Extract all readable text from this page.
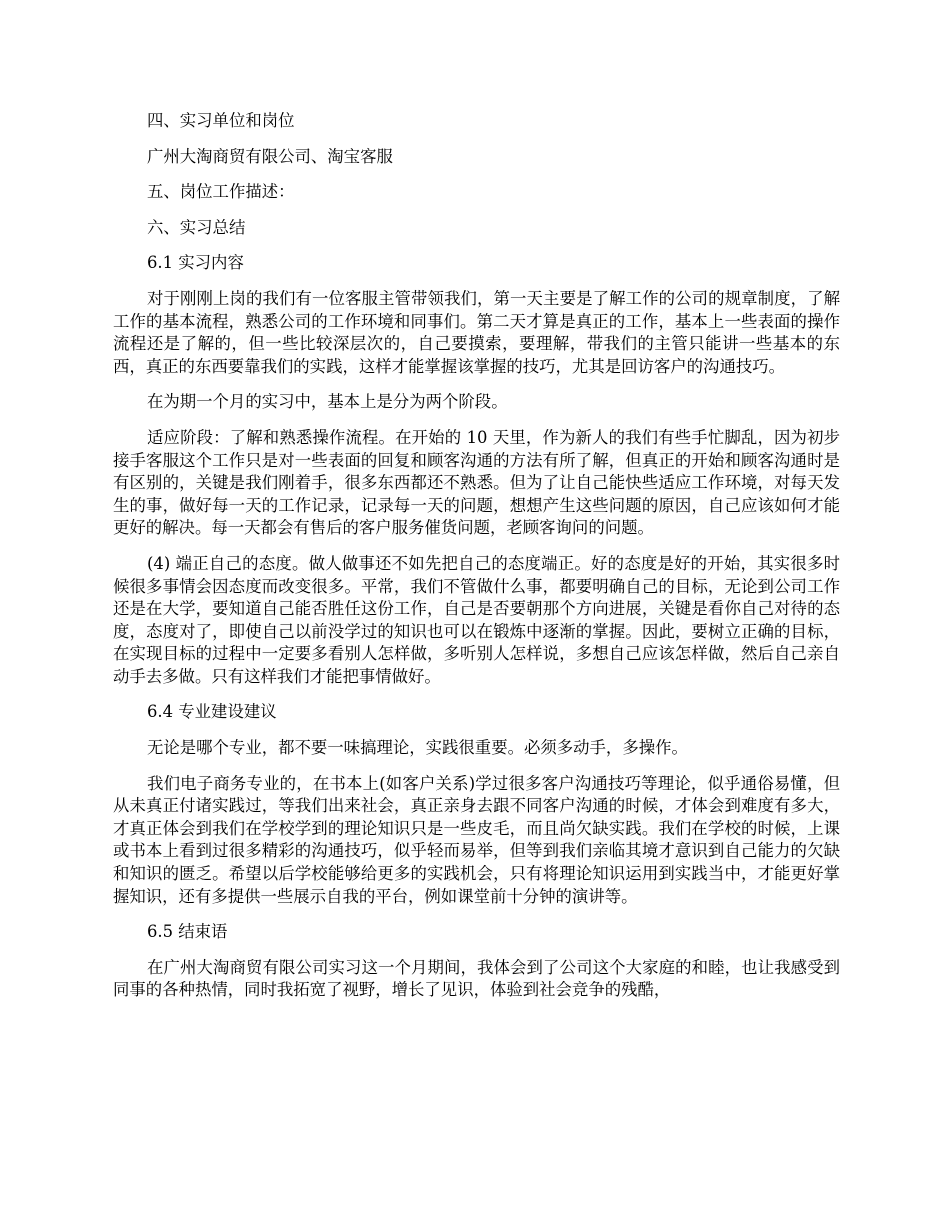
四、实习单位和岗位

广州大淘商贸有限公司、淘宝客服

五、岗位工作描述：

六、实习总结

6.1 实习内容

对于刚刚上岗的我们有一位客服主管带领我们，第一天主要是了解工作的公司的规章制度，了解工作的基本流程，熟悉公司的工作环境和同事们。第二天才算是真正的工作，基本上一些表面的操作流程还是了解的，但一些比较深层次的，自己要摸索，要理解，带我们的主管只能讲一些基本的东西，真正的东西要靠我们的实践，这样才能掌握该掌握的技巧，尤其是回访客户的沟通技巧。

在为期一个月的实习中，基本上是分为两个阶段。

适应阶段：了解和熟悉操作流程。在开始的 10 天里，作为新人的我们有些手忙脚乱，因为初步接手客服这个工作只是对一些表面的回复和顾客沟通的方法有所了解，但真正的开始和顾客沟通时是有区别的，关键是我们刚着手，很多东西都还不熟悉。但为了让自己能快些适应工作环境，对每天发生的事，做好每一天的工作记录，记录每一天的问题，想想产生这些问题的原因，自己应该如何才能更好的解决。每一天都会有售后的客户服务催货问题，老顾客询问的问题。

(4) 端正自己的态度。做人做事还不如先把自己的态度端正。好的态度是好的开始，其实很多时候很多事情会因态度而改变很多。平常，我们不管做什么事，都要明确自己的目标，无论到公司工作还是在大学，要知道自己能否胜任这份工作，自己是否要朝那个方向进展，关键是看你自己对待的态度，态度对了，即使自己以前没学过的知识也可以在锻炼中逐渐的掌握。因此，要树立正确的目标，在实现目标的过程中一定要多看别人怎样做，多听别人怎样说，多想自己应该怎样做，然后自己亲自动手去多做。只有这样我们才能把事情做好。

6.4 专业建设建议

无论是哪个专业，都不要一味搞理论，实践很重要。必须多动手，多操作。

我们电子商务专业的，在书本上(如客户关系)学过很多客户沟通技巧等理论，似乎通俗易懂，但从未真正付诸实践过，等我们出来社会，真正亲身去跟不同客户沟通的时候，才体会到难度有多大，才真正体会到我们在学校学到的理论知识只是一些皮毛，而且尚欠缺实践。我们在学校的时候，上课或书本上看到过很多精彩的沟通技巧，似乎轻而易举，但等到我们亲临其境才意识到自己能力的欠缺和知识的匮乏。希望以后学校能够给更多的实践机会，只有将理论知识运用到实践当中，才能更好掌握知识，还有多提供一些展示自我的平台，例如课堂前十分钟的演讲等。

6.5 结束语

在广州大淘商贸有限公司实习这一个月期间，我体会到了公司这个大家庭的和睦，也让我感受到同事的各种热情，同时我拓宽了视野，增长了见识，体验到社会竞争的残酷，
